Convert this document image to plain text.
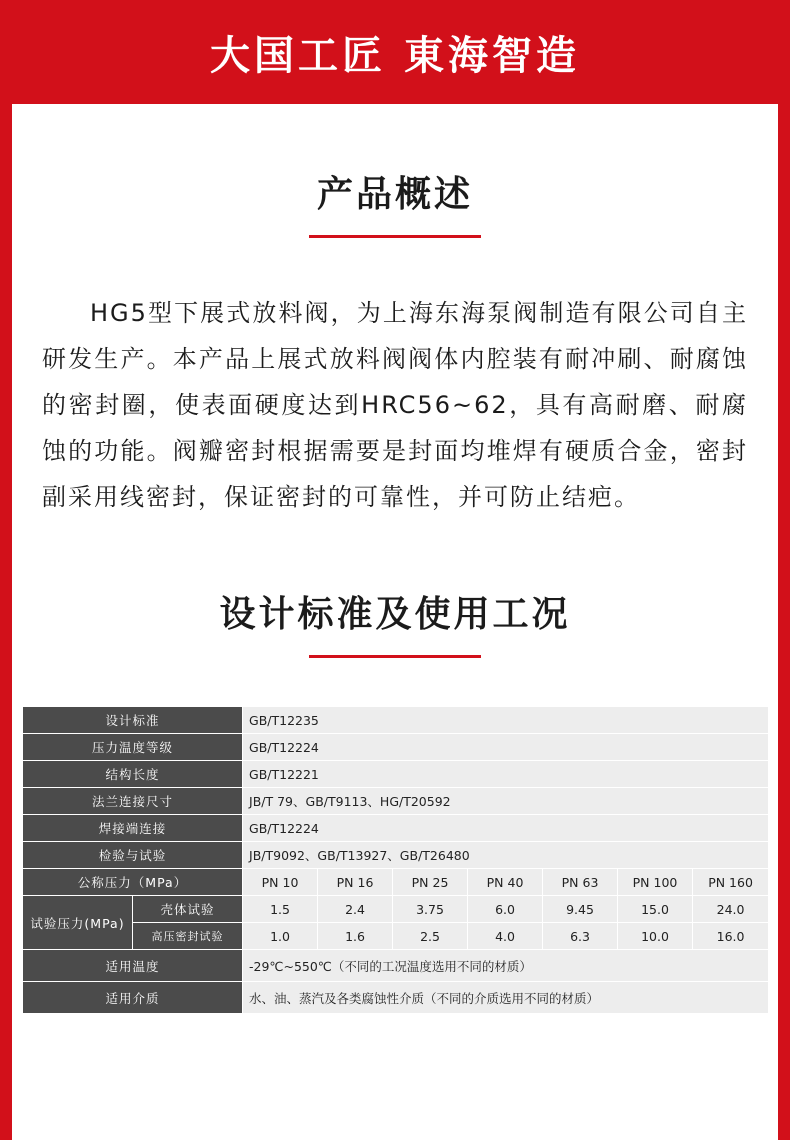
大国工匠 東海智造
产品概述

HG5型下展式放料阀，为上海东海泵阀制造有限公司自主研发生产。本产品上展式放料阀阀体内腔装有耐冲刷、耐腐蚀的密封圈，使表面硬度达到HRC56~62，具有高耐磨、耐腐蚀的功能。阀瓣密封根据需要是封面均堆焊有硬质合金，密封副采用线密封，保证密封的可靠性，并可防止结疤。

设计标准及使用工况
设计标准		GB/T12235						
压力温度等级		GB/T12224						
结构长度		GB/T12221						
法兰连接尺寸		JB/T 79、GB/T9113、HG/T20592						
焊接端连接		GB/T12224						
检验与试验		JB/T9092、GB/T13927、GB/T26480						
公称压力（MPa）		PN 10	PN 16	PN 25	PN 40	PN 63	PN 100	PN 160
试验压力(MPa)	壳体试验	1.5	2.4	3.75	6.0	9.45	15.0	24.0
	高压密封试验	1.0	1.6	2.5	4.0	6.3	10.0	16.0
适用温度		-29℃~550℃（不同的工况温度选用不同的材质）						
适用介质		水、油、蒸汽及各类腐蚀性介质（不同的介质选用不同的材质）						
